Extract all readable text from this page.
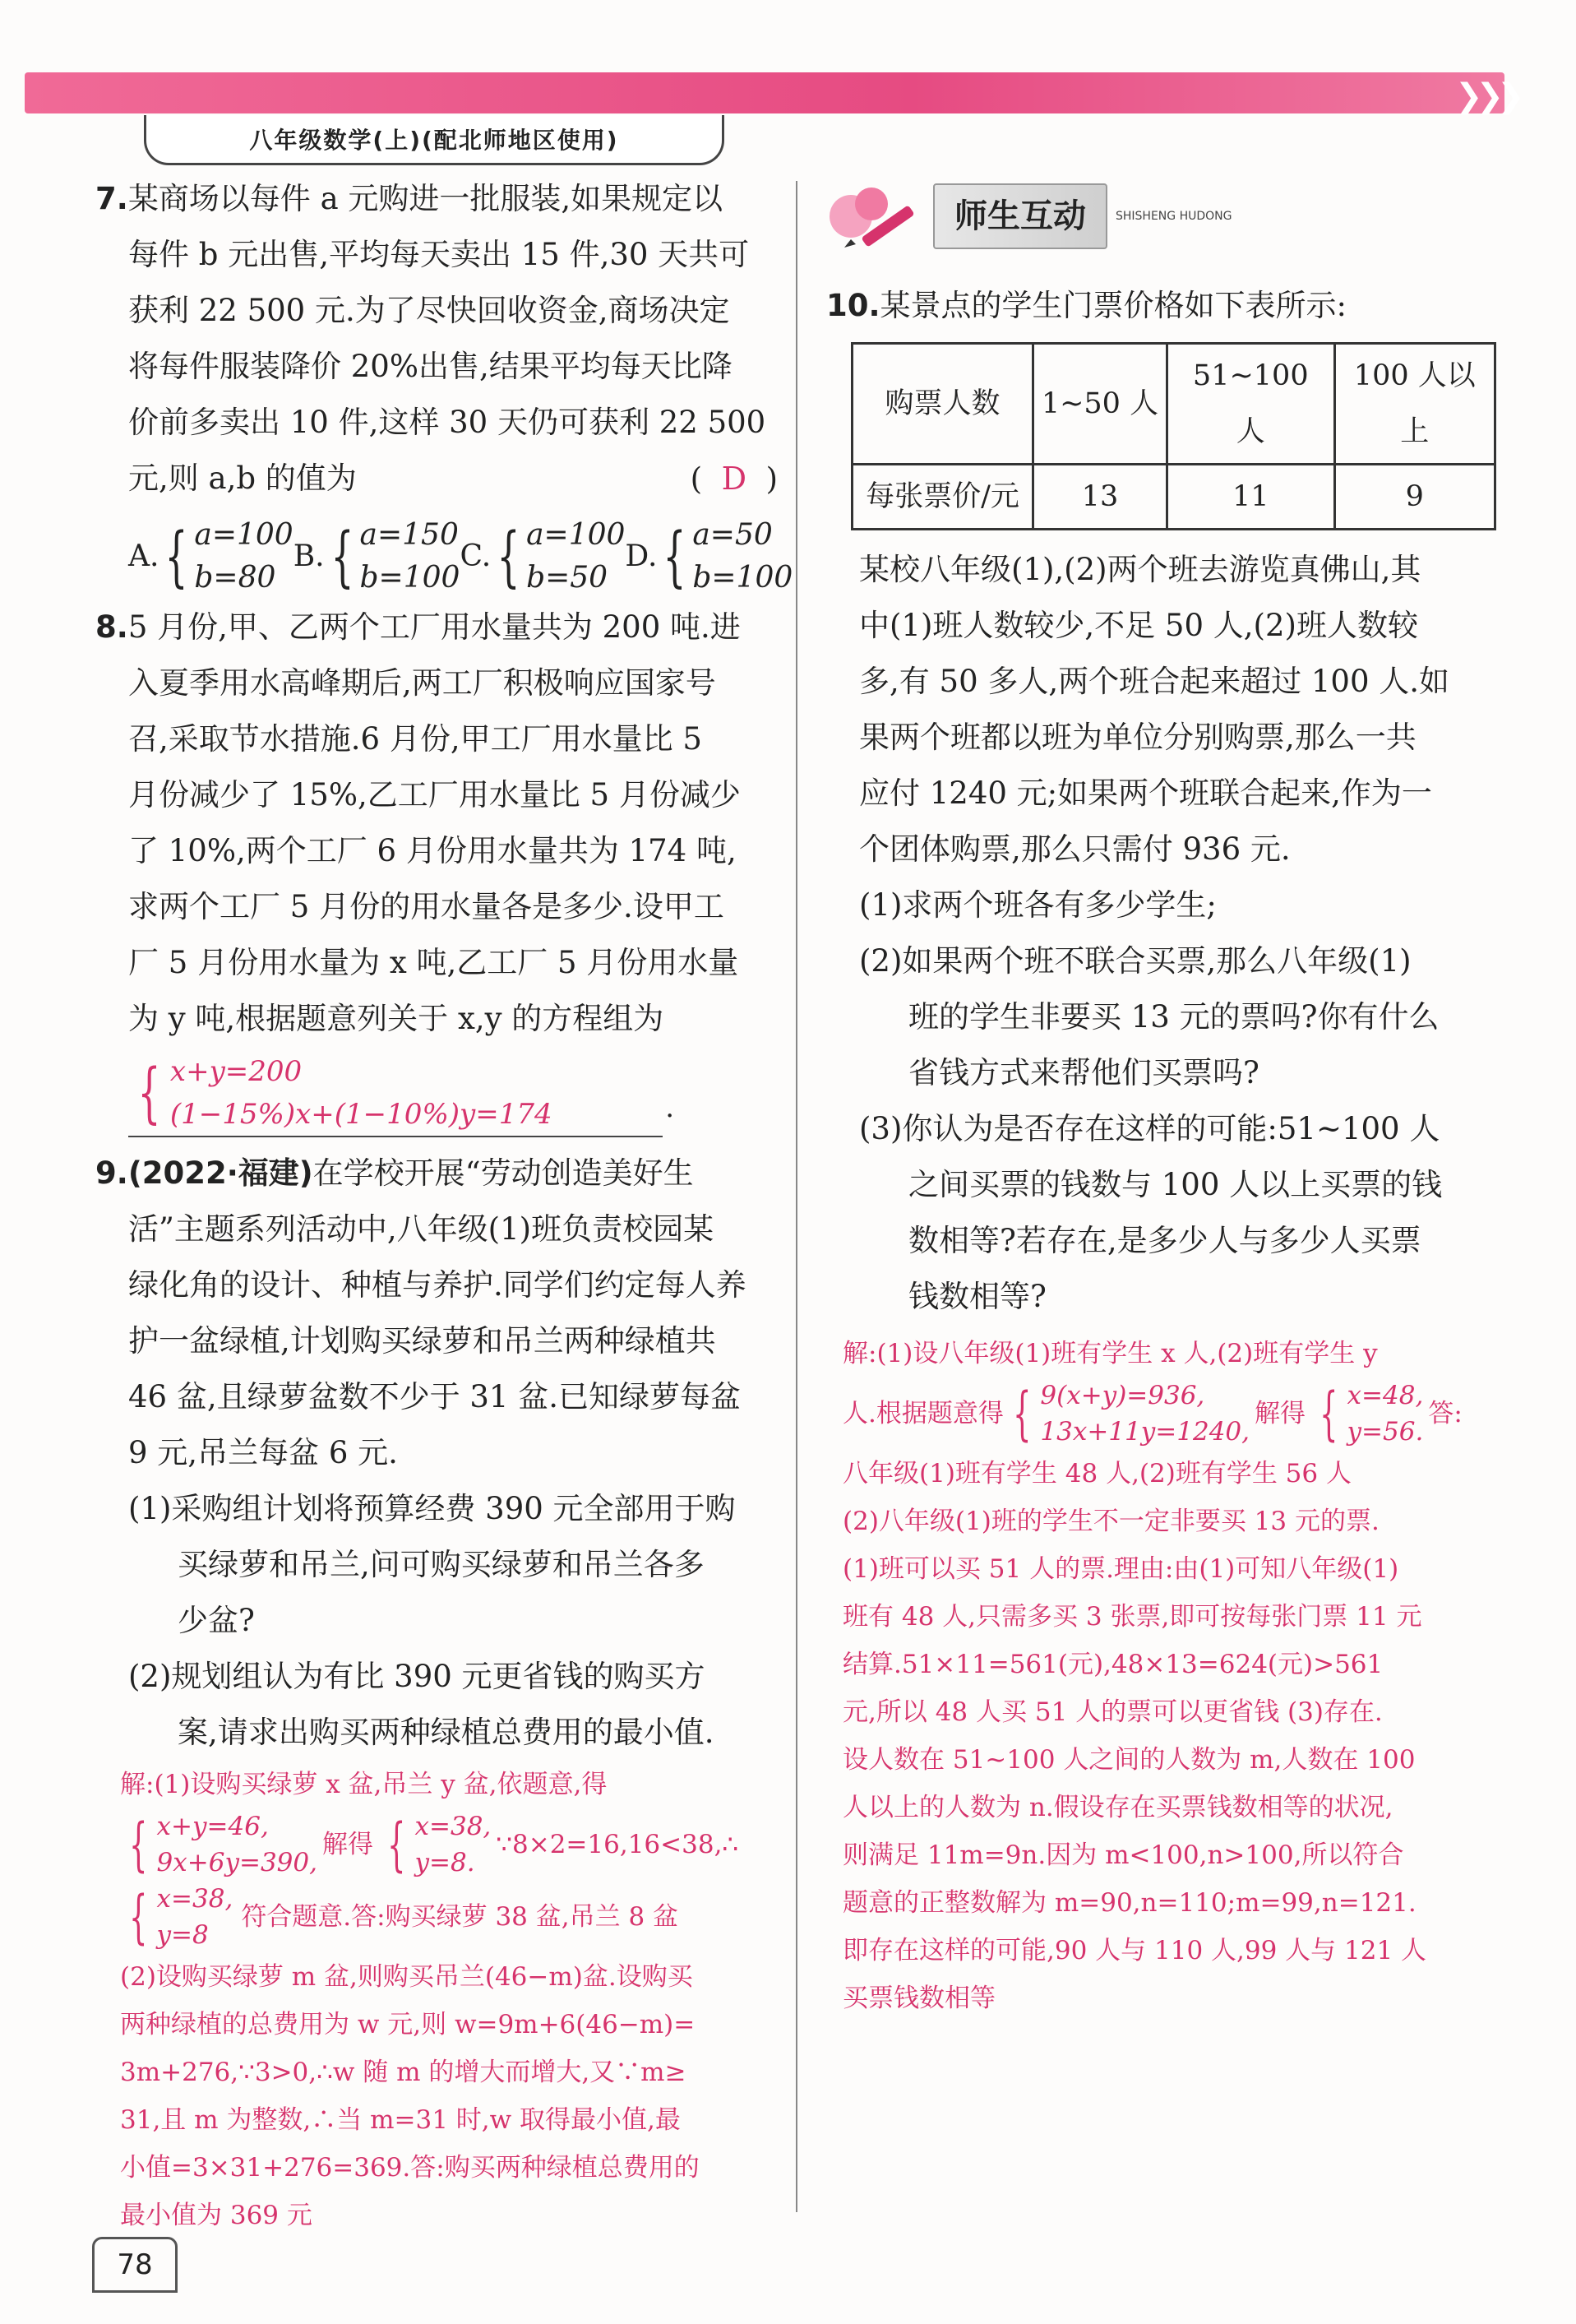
❯❯❯
八年级数学(上)(配北师地区使用)
7.某商场以每件 a 元购进一批服装,如果规定以
每件 b 元出售,平均每天卖出 15 件,30 天共可
获利 22 500 元.为了尽快回收资金,商场决定
将每件服装降价 20%出售,结果平均每天比降
价前多卖出 10 件,这样 30 天仍可获利 22 500
元,则 a,b 的值为	( D )
A. { a=100
b=80
B. { a=150
b=100
C. { a=100
b=50
D. { a=50
b=100
8.5 月份,甲、乙两个工厂用水量共为 200 吨.进
入夏季用水高峰期后,两工厂积极响应国家号
召,采取节水措施.6 月份,甲工厂用水量比 5
月份减少了 15%,乙工厂用水量比 5 月份减少
了 10%,两个工厂 6 月份用水量共为 174 吨,
求两个工厂 5 月份的用水量各是多少.设甲工
厂 5 月份用水量为 x 吨,乙工厂 5 月份用水量
为 y 吨,根据题意列关于 x,y 的方程组为
{ x+y=200
(1−15%)x+(1−10%)y=174	.
9.(2022·福建)在学校开展“劳动创造美好生
活”主题系列活动中,八年级(1)班负责校园某
绿化角的设计、种植与养护.同学们约定每人养
护一盆绿植,计划购买绿萝和吊兰两种绿植共
46 盆,且绿萝盆数不少于 31 盆.已知绿萝每盆
9 元,吊兰每盆 6 元.
(1)采购组计划将预算经费 390 元全部用于购
买绿萝和吊兰,问可购买绿萝和吊兰各多
少盆?
(2)规划组认为有比 390 元更省钱的购买方
案,请求出购买两种绿植总费用的最小值.
解:(1)设购买绿萝 x 盆,吊兰 y 盆,依题意,得
{ x+y=46,
9x+6y=390,
解得 { x=38,
y=8.
∵8×2=16,16<38,∴
{ x=38,
y=8
符合题意.答:购买绿萝 38 盆,吊兰 8 盆
(2)设购买绿萝 m 盆,则购买吊兰(46−m)盆.设购买
两种绿植的总费用为 w 元,则 w=9m+6(46−m)=
3m+276,∵3>0,∴w 随 m 的增大而增大,又∵m≥
31,且 m 为整数,∴当 m=31 时,w 取得最小值,最
小值=3×31+276=369.答:购买两种绿植总费用的
最小值为 369 元
师生互动	SHISHENG HUDONG
10.某景点的学生门票价格如下表所示:
购票人数	1~50 人	51~100 人	100 人以上
每张票价/元	13	11	9
某校八年级(1),(2)两个班去游览真佛山,其
中(1)班人数较少,不足 50 人,(2)班人数较
多,有 50 多人,两个班合起来超过 100 人.如
果两个班都以班为单位分别购票,那么一共
应付 1240 元;如果两个班联合起来,作为一
个团体购票,那么只需付 936 元.
(1)求两个班各有多少学生;
(2)如果两个班不联合买票,那么八年级(1)
班的学生非要买 13 元的票吗?你有什么
省钱方式来帮他们买票吗?
(3)你认为是否存在这样的可能:51~100 人
之间买票的钱数与 100 人以上买票的钱
数相等?若存在,是多少人与多少人买票
钱数相等?
解:(1)设八年级(1)班有学生 x 人,(2)班有学生 y
人.根据题意得 { 9(x+y)=936,
13x+11y=1240,
解得 { x=48,
y=56.
答:
八年级(1)班有学生 48 人,(2)班有学生 56 人
(2)八年级(1)班的学生不一定非要买 13 元的票.
(1)班可以买 51 人的票.理由:由(1)可知八年级(1)
班有 48 人,只需多买 3 张票,即可按每张门票 11 元
结算.51×11=561(元),48×13=624(元)>561
元,所以 48 人买 51 人的票可以更省钱 (3)存在.
设人数在 51~100 人之间的人数为 m,人数在 100
人以上的人数为 n.假设存在买票钱数相等的状况,
则满足 11m=9n.因为 m<100,n>100,所以符合
题意的正整数解为 m=90,n=110;m=99,n=121.
即存在这样的可能,90 人与 110 人,99 人与 121 人
买票钱数相等
78
